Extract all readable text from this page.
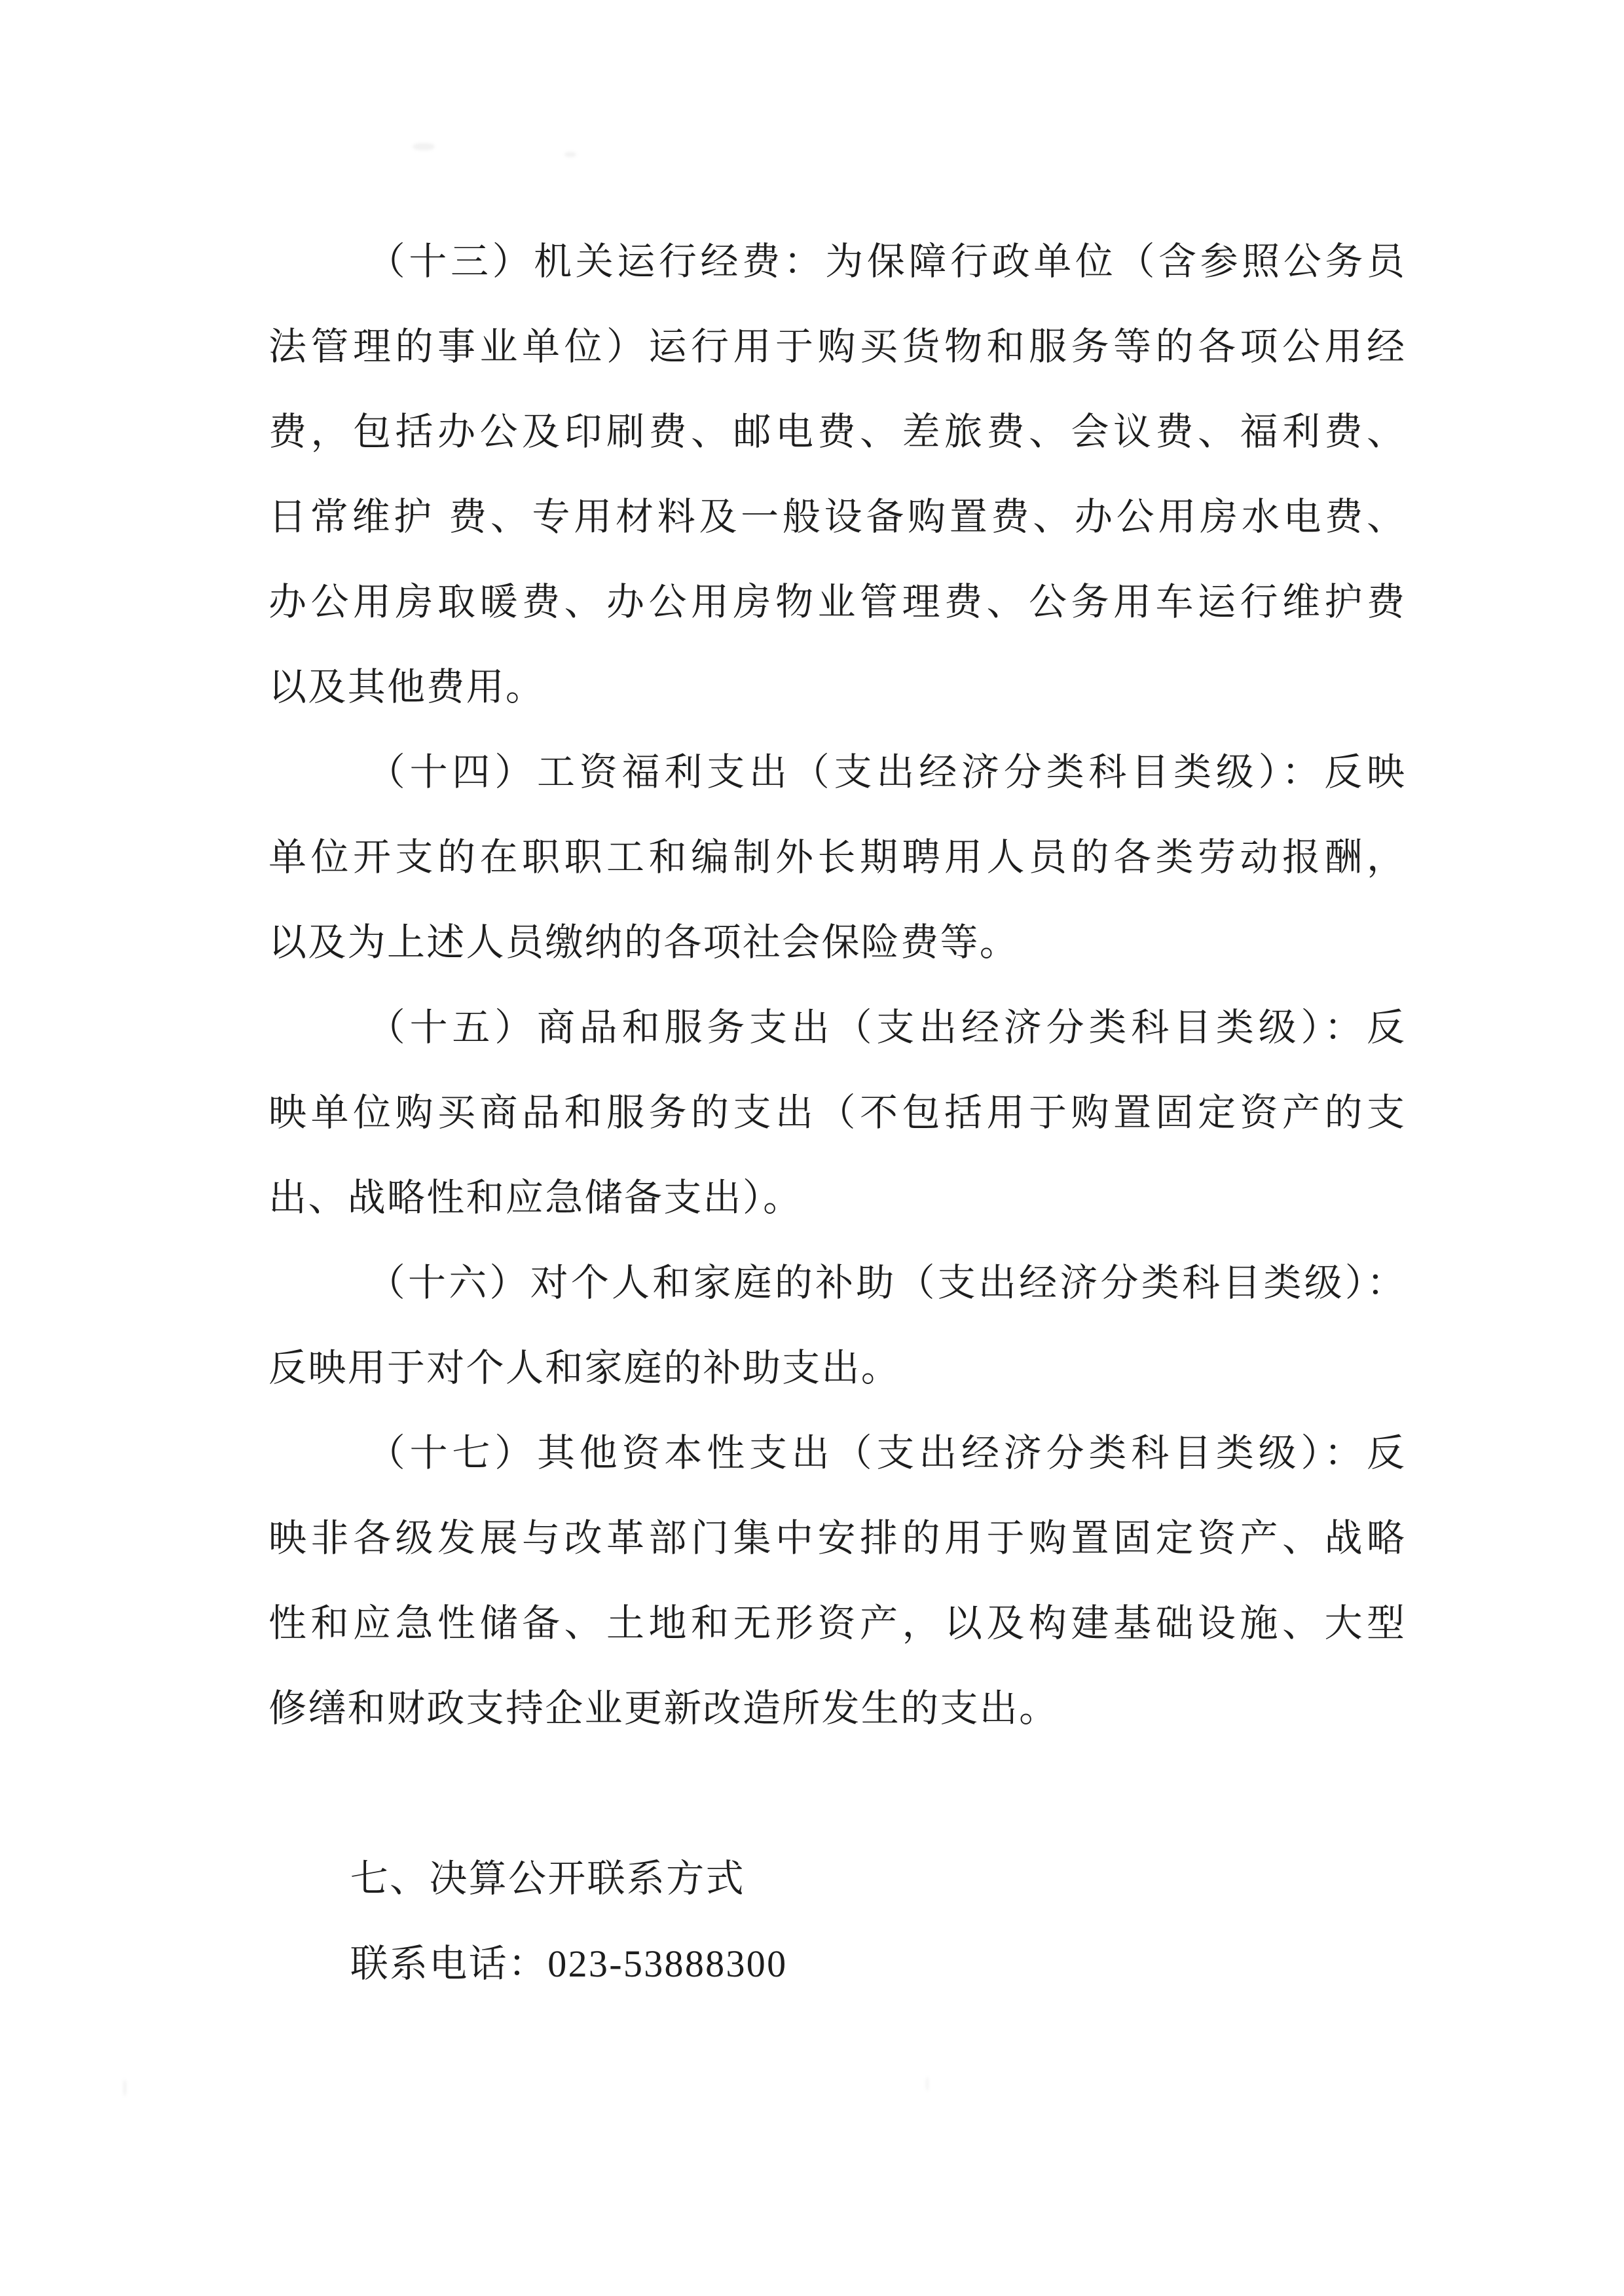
（十三）机关运行经费：为保障行政单位（含参照公务员
法管理的事业单位）运行用于购买货物和服务等的各项公用经
费，包括办公及印刷费、邮电费、差旅费、会议费、福利费、
日常维护 费、专用材料及一般设备购置费、办公用房水电费、
办公用房取暖费、办公用房物业管理费、公务用车运行维护费
以及其他费用。
（十四）工资福利支出（支出经济分类科目类级）：反映
单位开支的在职职工和编制外长期聘用人员的各类劳动报酬，
以及为上述人员缴纳的各项社会保险费等。
（十五）商品和服务支出（支出经济分类科目类级）：反
映单位购买商品和服务的支出（不包括用于购置固定资产的支
出、战略性和应急储备支出）。
（十六）对个人和家庭的补助（支出经济分类科目类级）：
反映用于对个人和家庭的补助支出。
（十七）其他资本性支出（支出经济分类科目类级）：反
映非各级发展与改革部门集中安排的用于购置固定资产、战略
性和应急性储备、土地和无形资产，以及构建基础设施、大型
修缮和财政支持企业更新改造所发生的支出。
七、决算公开联系方式
联系电话：023-53888300
